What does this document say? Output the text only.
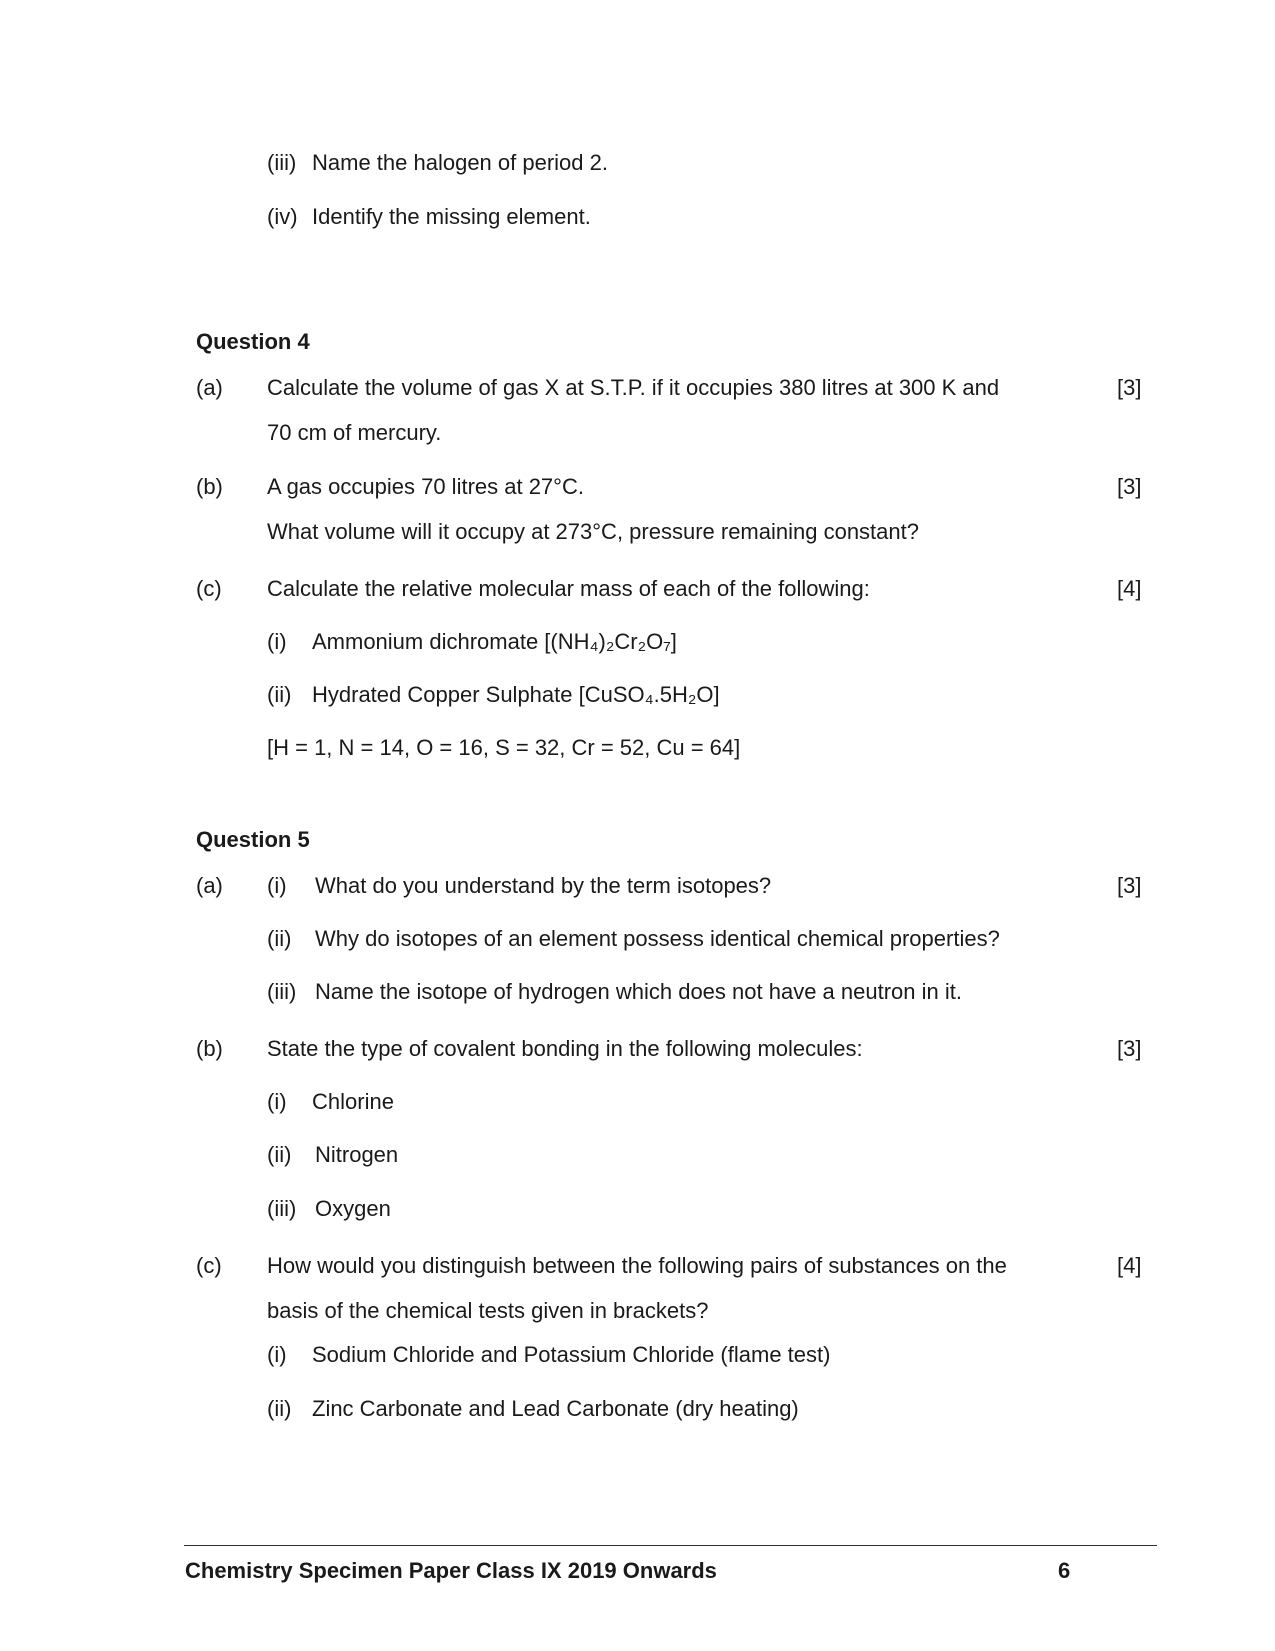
(iii) Name the halogen of period 2.
(iv) Identify the missing element.
Question 4
(a) Calculate the volume of gas X at S.T.P. if it occupies 380 litres at 300 K and	[3]
70 cm of mercury.
(b) A gas occupies 70 litres at 27°C.	[3]
What volume will it occupy at 273°C, pressure remaining constant?
(c) Calculate the relative molecular mass of each of the following:	[4]
(i) Ammonium dichromate [(NH₄)₂Cr₂O₇]
(ii) Hydrated Copper Sulphate [CuSO₄.5H₂O]
[H = 1, N = 14, O = 16, S = 32, Cr = 52, Cu = 64]
Question 5
(a) (i) What do you understand by the term isotopes?	[3]
(ii) Why do isotopes of an element possess identical chemical properties?
(iii) Name the isotope of hydrogen which does not have a neutron in it.
(b) State the type of covalent bonding in the following molecules:	[3]
(i) Chlorine
(ii) Nitrogen
(iii) Oxygen
(c) How would you distinguish between the following pairs of substances on the	[4]
basis of the chemical tests given in brackets?
(i) Sodium Chloride and Potassium Chloride (flame test)
(ii) Zinc Carbonate and Lead Carbonate (dry heating)
Chemistry Specimen Paper Class IX 2019 Onwards	6
